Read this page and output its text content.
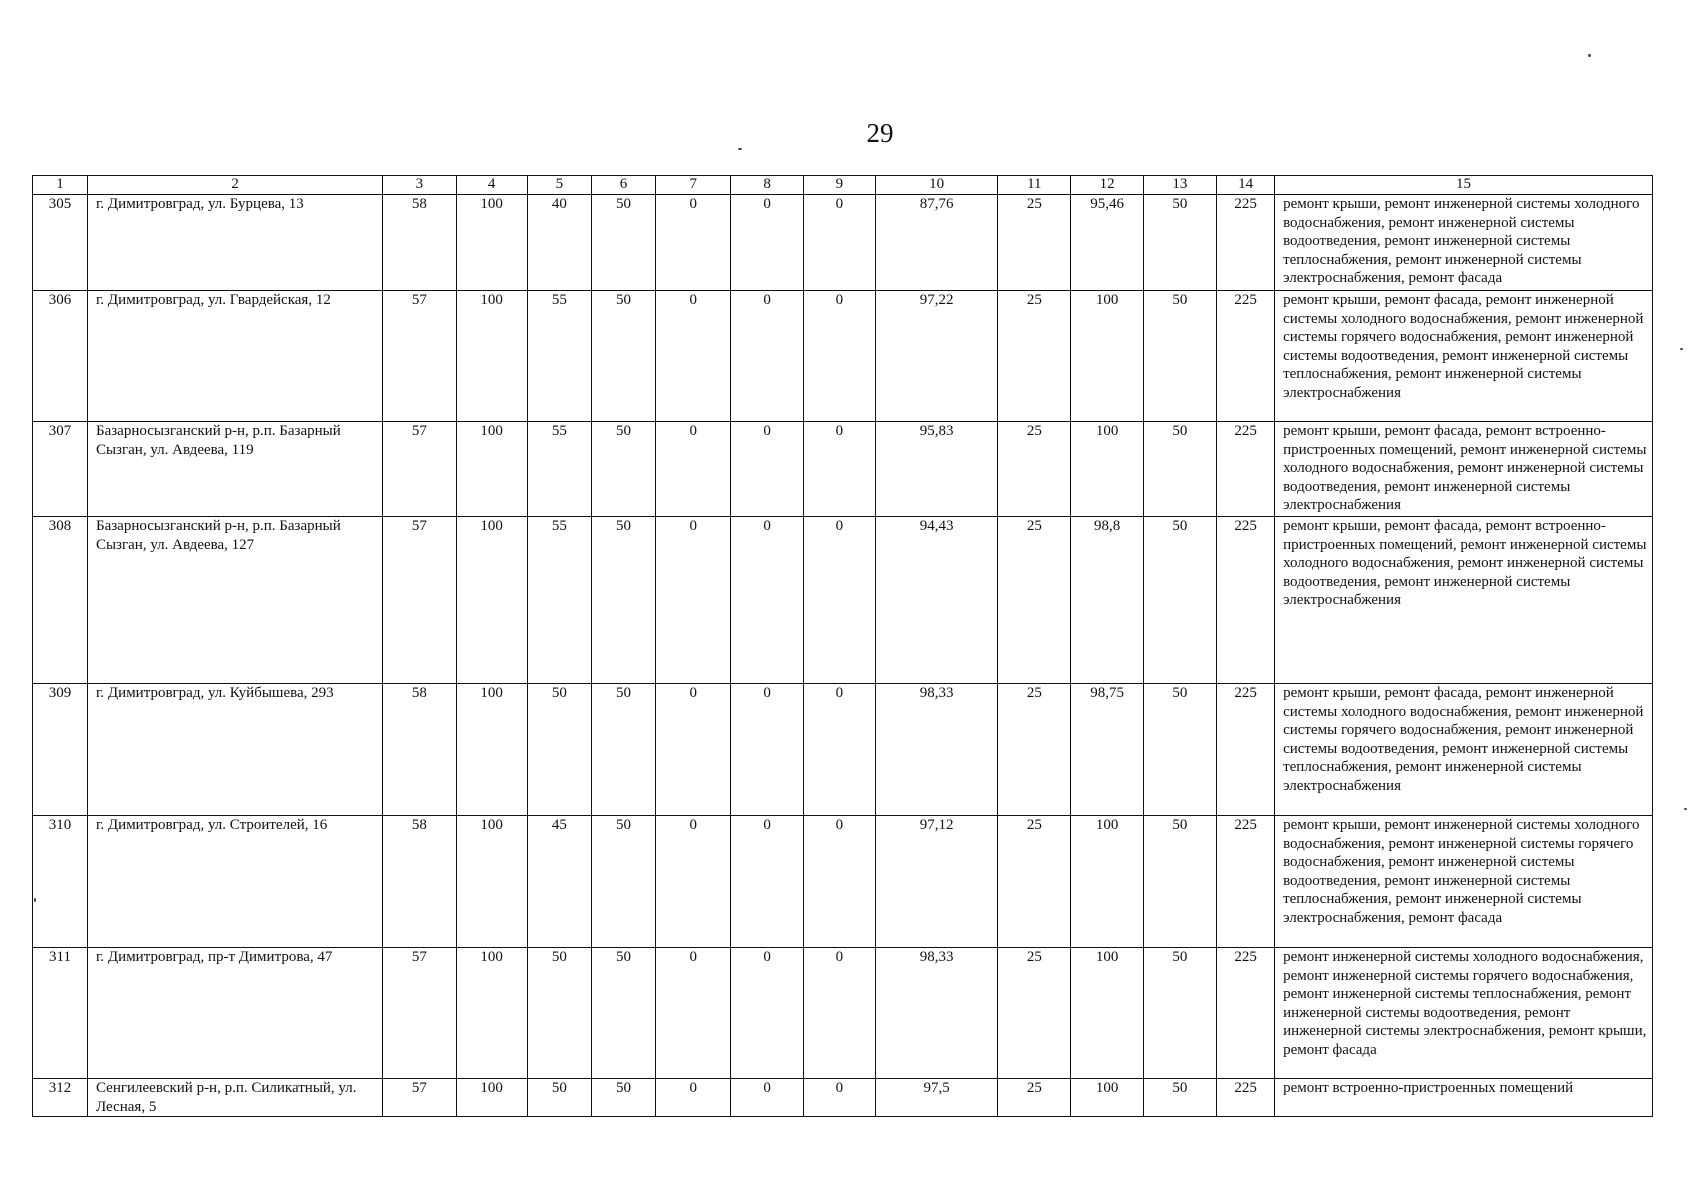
29
1	2	3	4	5	6	7	8	9	10	11	12	13	14	15
305	г. Димитровград, ул. Бурцева, 13	58	100	40	50	0	0	0	87,76	25	95,46	50	225	ремонт крыши, ремонт инженерной системы холодного водоснабжения, ремонт инженерной системы водоотведения, ремонт инженерной системы теплоснабжения, ремонт инженерной системы электроснабжения, ремонт фасада
306	г. Димитровград, ул. Гвардейская, 12	57	100	55	50	0	0	0	97,22	25	100	50	225	ремонт крыши, ремонт фасада, ремонт инженерной системы холодного водоснабжения, ремонт инженерной системы горячего водоснабжения, ремонт инженерной системы водоотведения, ремонт инженерной системы теплоснабжения, ремонт инженерной системы электроснабжения
307	Базарносызганский р-н, р.п. Базарный Сызган, ул. Авдеева, 119	57	100	55	50	0	0	0	95,83	25	100	50	225	ремонт крыши, ремонт фасада, ремонт встроенно-пристроенных помещений, ремонт инженерной системы холодного водоснабжения, ремонт инженерной системы водоотведения, ремонт инженерной системы электроснабжения
308	Базарносызганский р-н, р.п. Базарный Сызган, ул. Авдеева, 127	57	100	55	50	0	0	0	94,43	25	98,8	50	225	ремонт крыши, ремонт фасада, ремонт встроенно-пристроенных помещений, ремонт инженерной системы холодного водоснабжения, ремонт инженерной системы водоотведения, ремонт инженерной системы электроснабжения
309	г. Димитровград, ул. Куйбышева, 293	58	100	50	50	0	0	0	98,33	25	98,75	50	225	ремонт крыши, ремонт фасада, ремонт инженерной системы холодного водоснабжения, ремонт инженерной системы горячего водоснабжения, ремонт инженерной системы водоотведения, ремонт инженерной системы теплоснабжения, ремонт инженерной системы электроснабжения
310	г. Димитровград, ул. Строителей, 16	58	100	45	50	0	0	0	97,12	25	100	50	225	ремонт крыши, ремонт инженерной системы холодного водоснабжения, ремонт инженерной системы горячего водоснабжения, ремонт инженерной системы водоотведения, ремонт инженерной системы теплоснабжения, ремонт инженерной системы электроснабжения, ремонт фасада
311	г. Димитровград, пр-т Димитрова, 47	57	100	50	50	0	0	0	98,33	25	100	50	225	ремонт инженерной системы холодного водоснабжения, ремонт инженерной системы горячего водоснабжения, ремонт инженерной системы теплоснабжения, ремонт инженерной системы водоотведения, ремонт инженерной системы электроснабжения, ремонт крыши, ремонт фасада
312	Сенгилеевский р-н, р.п. Силикатный, ул. Лесная, 5	57	100	50	50	0	0	0	97,5	25	100	50	225	ремонт встроенно-пристроенных помещений
